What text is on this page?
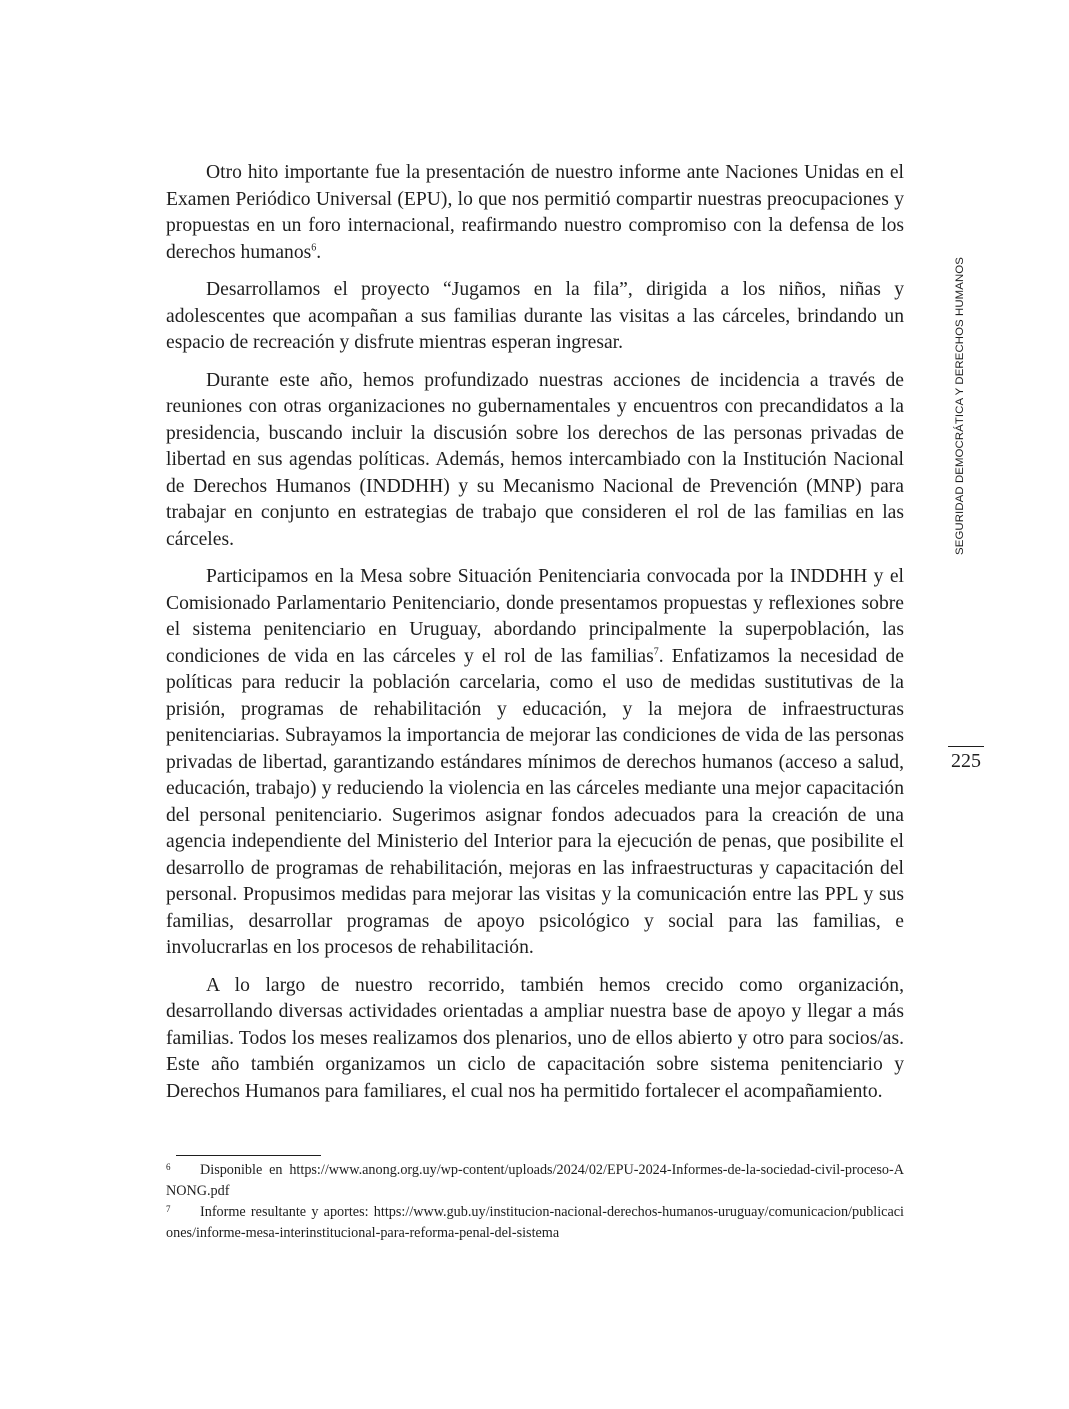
Otro hito importante fue la presentación de nuestro informe ante Naciones Unidas en el Examen Periódico Universal (EPU), lo que nos permitió compartir nuestras preocupaciones y propuestas en un foro internacional, reafirmando nuestro compromiso con la defensa de los derechos humanos$^6$.

Desarrollamos el proyecto “Jugamos en la fila”, dirigida a los niños, niñas y adolescentes que acompañan a sus familias durante las visitas a las cárceles, brindando un espacio de recreación y disfrute mientras esperan ingresar.

Durante este año, hemos profundizado nuestras acciones de incidencia a través de reuniones con otras organizaciones no gubernamentales y encuentros con precandidatos a la presidencia, buscando incluir la discusión sobre los derechos de las personas privadas de libertad en sus agendas políticas. Además, hemos intercambiado con la Institución Nacional de Derechos Humanos (INDDHH) y su Mecanismo Nacional de Prevención (MNP) para trabajar en conjunto en estrategias de trabajo que consideren el rol de las familias en las cárceles.

Participamos en la Mesa sobre Situación Penitenciaria convocada por la INDDHH y el Comisionado Parlamentario Penitenciario, donde presentamos propuestas y reflexiones sobre el sistema penitenciario en Uruguay, abordando principalmente la superpoblación, las condiciones de vida en las cárceles y el rol de las familias$^7$. Enfatizamos la necesidad de políticas para reducir la población carcelaria, como el uso de medidas sustitutivas de la prisión, programas de rehabilitación y educación, y la mejora de infraestructuras penitenciarias. Subrayamos la importancia de mejorar las condiciones de vida de las personas privadas de libertad, garantizando estándares mínimos de derechos humanos (acceso a salud, educación, trabajo) y reduciendo la violencia en las cárceles mediante una mejor capacitación del personal penitenciario. Sugerimos asignar fondos adecuados para la creación de una agencia independiente del Ministerio del Interior para la ejecución de penas, que posibilite el desarrollo de programas de rehabilitación, mejoras en las infraestructuras y capacitación del personal. Propusimos medidas para mejorar las visitas y la comunicación entre las PPL y sus familias, desarrollar programas de apoyo psicológico y social para las familias, e involucrarlas en los procesos de rehabilitación.

A lo largo de nuestro recorrido, también hemos crecido como organización, desarrollando diversas actividades orientadas a ampliar nuestra base de apoyo y llegar a más familias. Todos los meses realizamos dos plenarios, uno de ellos abierto y otro para socios/as. Este año también organizamos un ciclo de capacitación sobre sistema penitenciario y Derechos Humanos para familiares, el cual nos ha permitido fortalecer el acompañamiento.

SEGURIDAD DEMOCRÁTICA Y DERECHOS HUMANOS
225

6 Disponible en https://www.anong.org.uy/wp-content/uploads/2024/02/EPU-2024-Informes-de-la-sociedad-civil-proceso-ANONG.pdf

7 Informe resultante y aportes: https://www.gub.uy/institucion-nacional-derechos-humanos-uruguay/comunicacion/publicaciones/informe-mesa-interinstitucional-para-reforma-penal-del-sistema
